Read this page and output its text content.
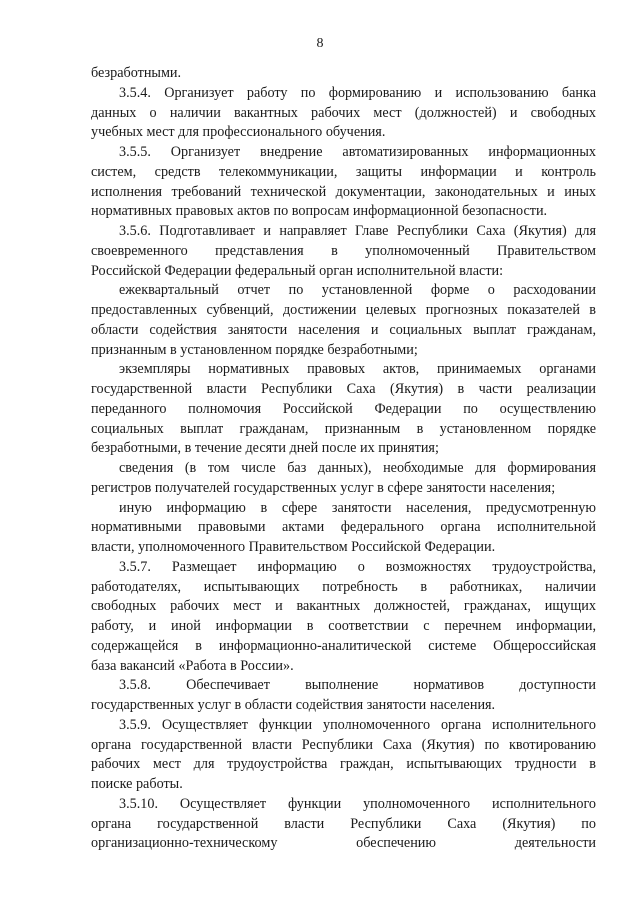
8
безработными.
3.5.4. Организует работу по формированию и использованию банка
данных о наличии вакантных рабочих мест (должностей) и свободных
учебных мест для профессионального обучения.
3.5.5. Организует внедрение автоматизированных информационных
систем, средств телекоммуникации, защиты информации и контроль
исполнения требований технической документации, законодательных и иных
нормативных правовых актов по вопросам информационной безопасности.
3.5.6. Подготавливает и направляет Главе Республики Саха (Якутия) для
своевременного представления в уполномоченный Правительством
Российской Федерации федеральный орган исполнительной власти:
ежеквартальный отчет по установленной форме о расходовании
предоставленных субвенций, достижении целевых прогнозных показателей в
области содействия занятости населения и социальных выплат гражданам,
признанным в установленном порядке безработными;
экземпляры нормативных правовых актов, принимаемых органами
государственной власти Республики Саха (Якутия) в части реализации
переданного полномочия Российской Федерации по осуществлению
социальных выплат гражданам, признанным в установленном порядке
безработными, в течение десяти дней после их принятия;
сведения (в том числе баз данных), необходимые для формирования
регистров получателей государственных услуг в сфере занятости населения;
иную информацию в сфере занятости населения, предусмотренную
нормативными правовыми актами федерального органа исполнительной
власти, уполномоченного Правительством Российской Федерации.
3.5.7. Размещает информацию о возможностях трудоустройства,
работодателях, испытывающих потребность в работниках, наличии
свободных рабочих мест и вакантных должностей, гражданах, ищущих
работу, и иной информации в соответствии с перечнем информации,
содержащейся в информационно-аналитической системе Общероссийская
база вакансий «Работа в России».
3.5.8. Обеспечивает выполнение нормативов доступности
государственных услуг в области содействия занятости населения.
3.5.9. Осуществляет функции уполномоченного органа исполнительного
органа государственной власти Республики Саха (Якутия) по квотированию
рабочих мест для трудоустройства граждан, испытывающих трудности в
поиске работы.
3.5.10. Осуществляет функции уполномоченного исполнительного
органа государственной власти Республики Саха (Якутия) по
организационно-техническому обеспечению деятельности
